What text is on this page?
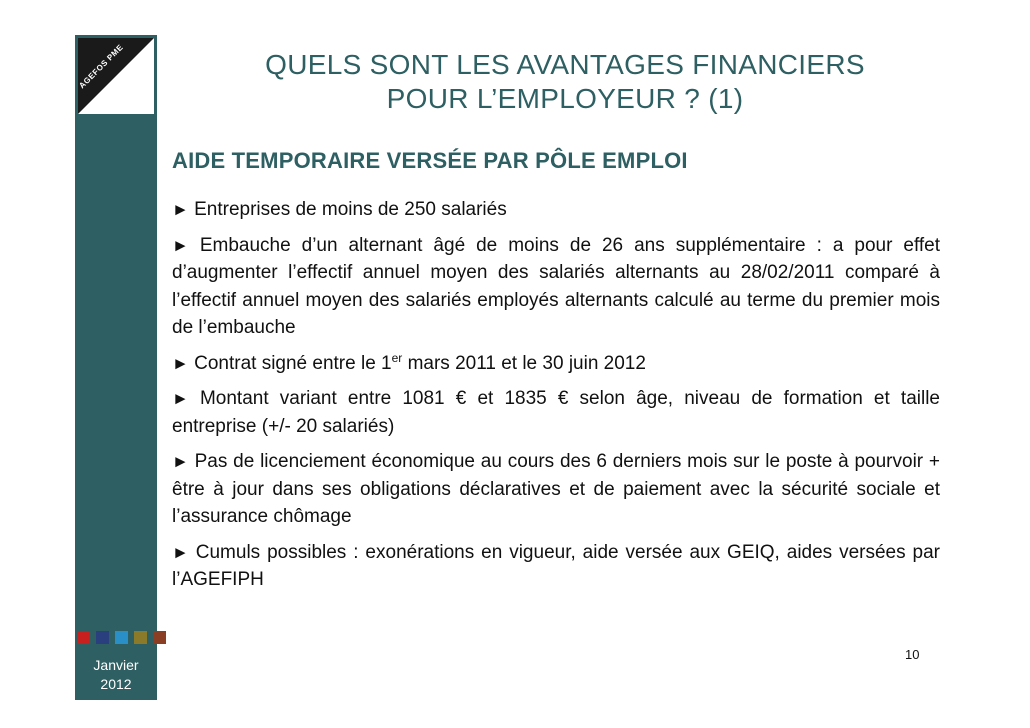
AGEFOS PME
Janvier
2012
QUELS SONT LES AVANTAGES FINANCIERS
POUR L’EMPLOYEUR ? (1)
AIDE TEMPORAIRE VERSÉE PAR PÔLE EMPLOI

► Entreprises de moins de 250 salariés

► Embauche d’un alternant âgé de moins de 26 ans supplémentaire : a pour effet d’augmenter l’effectif annuel moyen des salariés alternants au 28/02/2011 comparé à l’effectif annuel moyen des salariés employés alternants calculé au terme du premier mois de l’embauche

► Contrat signé entre le 1er mars 2011 et le 30 juin 2012

► Montant variant entre 1081 € et 1835 € selon âge, niveau de formation et taille entreprise (+/- 20 salariés)

► Pas de licenciement économique au cours des 6 derniers mois sur le poste à pourvoir + être à jour dans ses obligations déclaratives et de paiement avec la sécurité sociale et l’assurance chômage

► Cumuls possibles : exonérations en vigueur, aide versée aux GEIQ, aides versées par l’AGEFIPH

10
